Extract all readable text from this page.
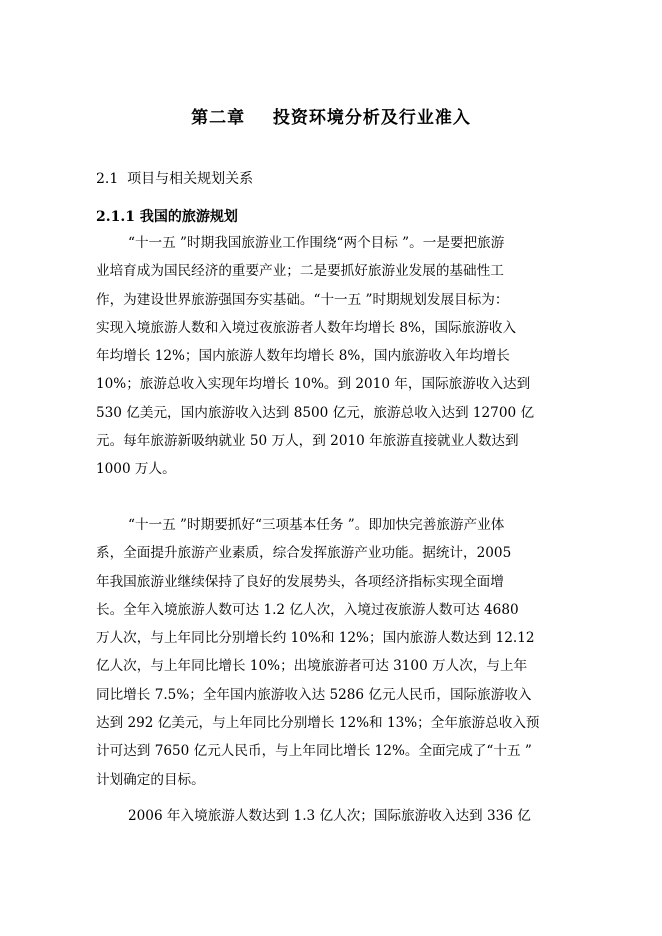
第二章    投资环境分析及行业准入
2.1  项目与相关规划关系
2.1.1 我国的旅游规划
“十一五 ”时期我国旅游业工作围绕“两个目标 ”。一是要把旅游
业培育成为国民经济的重要产业；二是要抓好旅游业发展的基础性工
作，为建设世界旅游强国夯实基础。“十一五 ”时期规划发展目标为：
实现入境旅游人数和入境过夜旅游者人数年均增长 8%，国际旅游收入
年均增长 12%；国内旅游人数年均增长 8%，国内旅游收入年均增长
10%；旅游总收入实现年均增长 10%。到 2010 年，国际旅游收入达到
530 亿美元，国内旅游收入达到 8500 亿元，旅游总收入达到 12700 亿
元。每年旅游新吸纳就业 50 万人，到 2010 年旅游直接就业人数达到
1000 万人。
“十一五 ”时期要抓好“三项基本任务 ”。即加快完善旅游产业体
系，全面提升旅游产业素质，综合发挥旅游产业功能。据统计，2005
年我国旅游业继续保持了良好的发展势头，各项经济指标实现全面增
长。全年入境旅游人数可达 1.2 亿人次，入境过夜旅游人数可达 4680
万人次，与上年同比分别增长约 10%和 12%；国内旅游人数达到 12.12
亿人次，与上年同比增长 10%；出境旅游者可达 3100 万人次，与上年
同比增长 7.5%；全年国内旅游收入达 5286 亿元人民币，国际旅游收入
达到 292 亿美元，与上年同比分别增长 12%和 13%；全年旅游总收入预
计可达到 7650 亿元人民币，与上年同比增长 12%。全面完成了“十五 ”
计划确定的目标。
2006 年入境旅游人数达到 1.3 亿人次；国际旅游收入达到 336 亿
